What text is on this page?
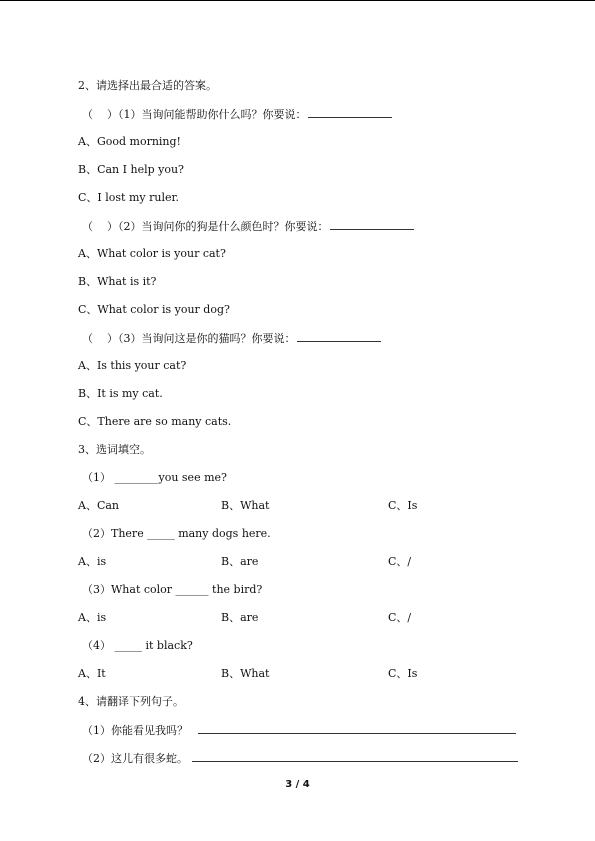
2、请选择出最合适的答案。
（    ）（1）当询问能帮助你什么吗？你要说：
A、Good morning!
B、Can I help you?
C、I lost my ruler.
（    ）（2）当询问你的狗是什么颜色时？你要说：
A、What color is your cat?
B、What is it?
C、What color is your dog?
（    ）（3）当询问这是你的猫吗？你要说：
A、Is this your cat?
B、It is my cat.
C、There are so many cats.
3、选词填空。
（1） ________you see me?
A、Can	B、What	C、Is
（2）There _____ many dogs here.
A、is	B、are	C、/
（3）What color ______ the bird?
A、is	B、are	C、/
（4） _____ it black?
A、It	B、What	C、Is
4、请翻译下列句子。
（1）你能看见我吗？
（2）这儿有很多蛇。
3 / 4
